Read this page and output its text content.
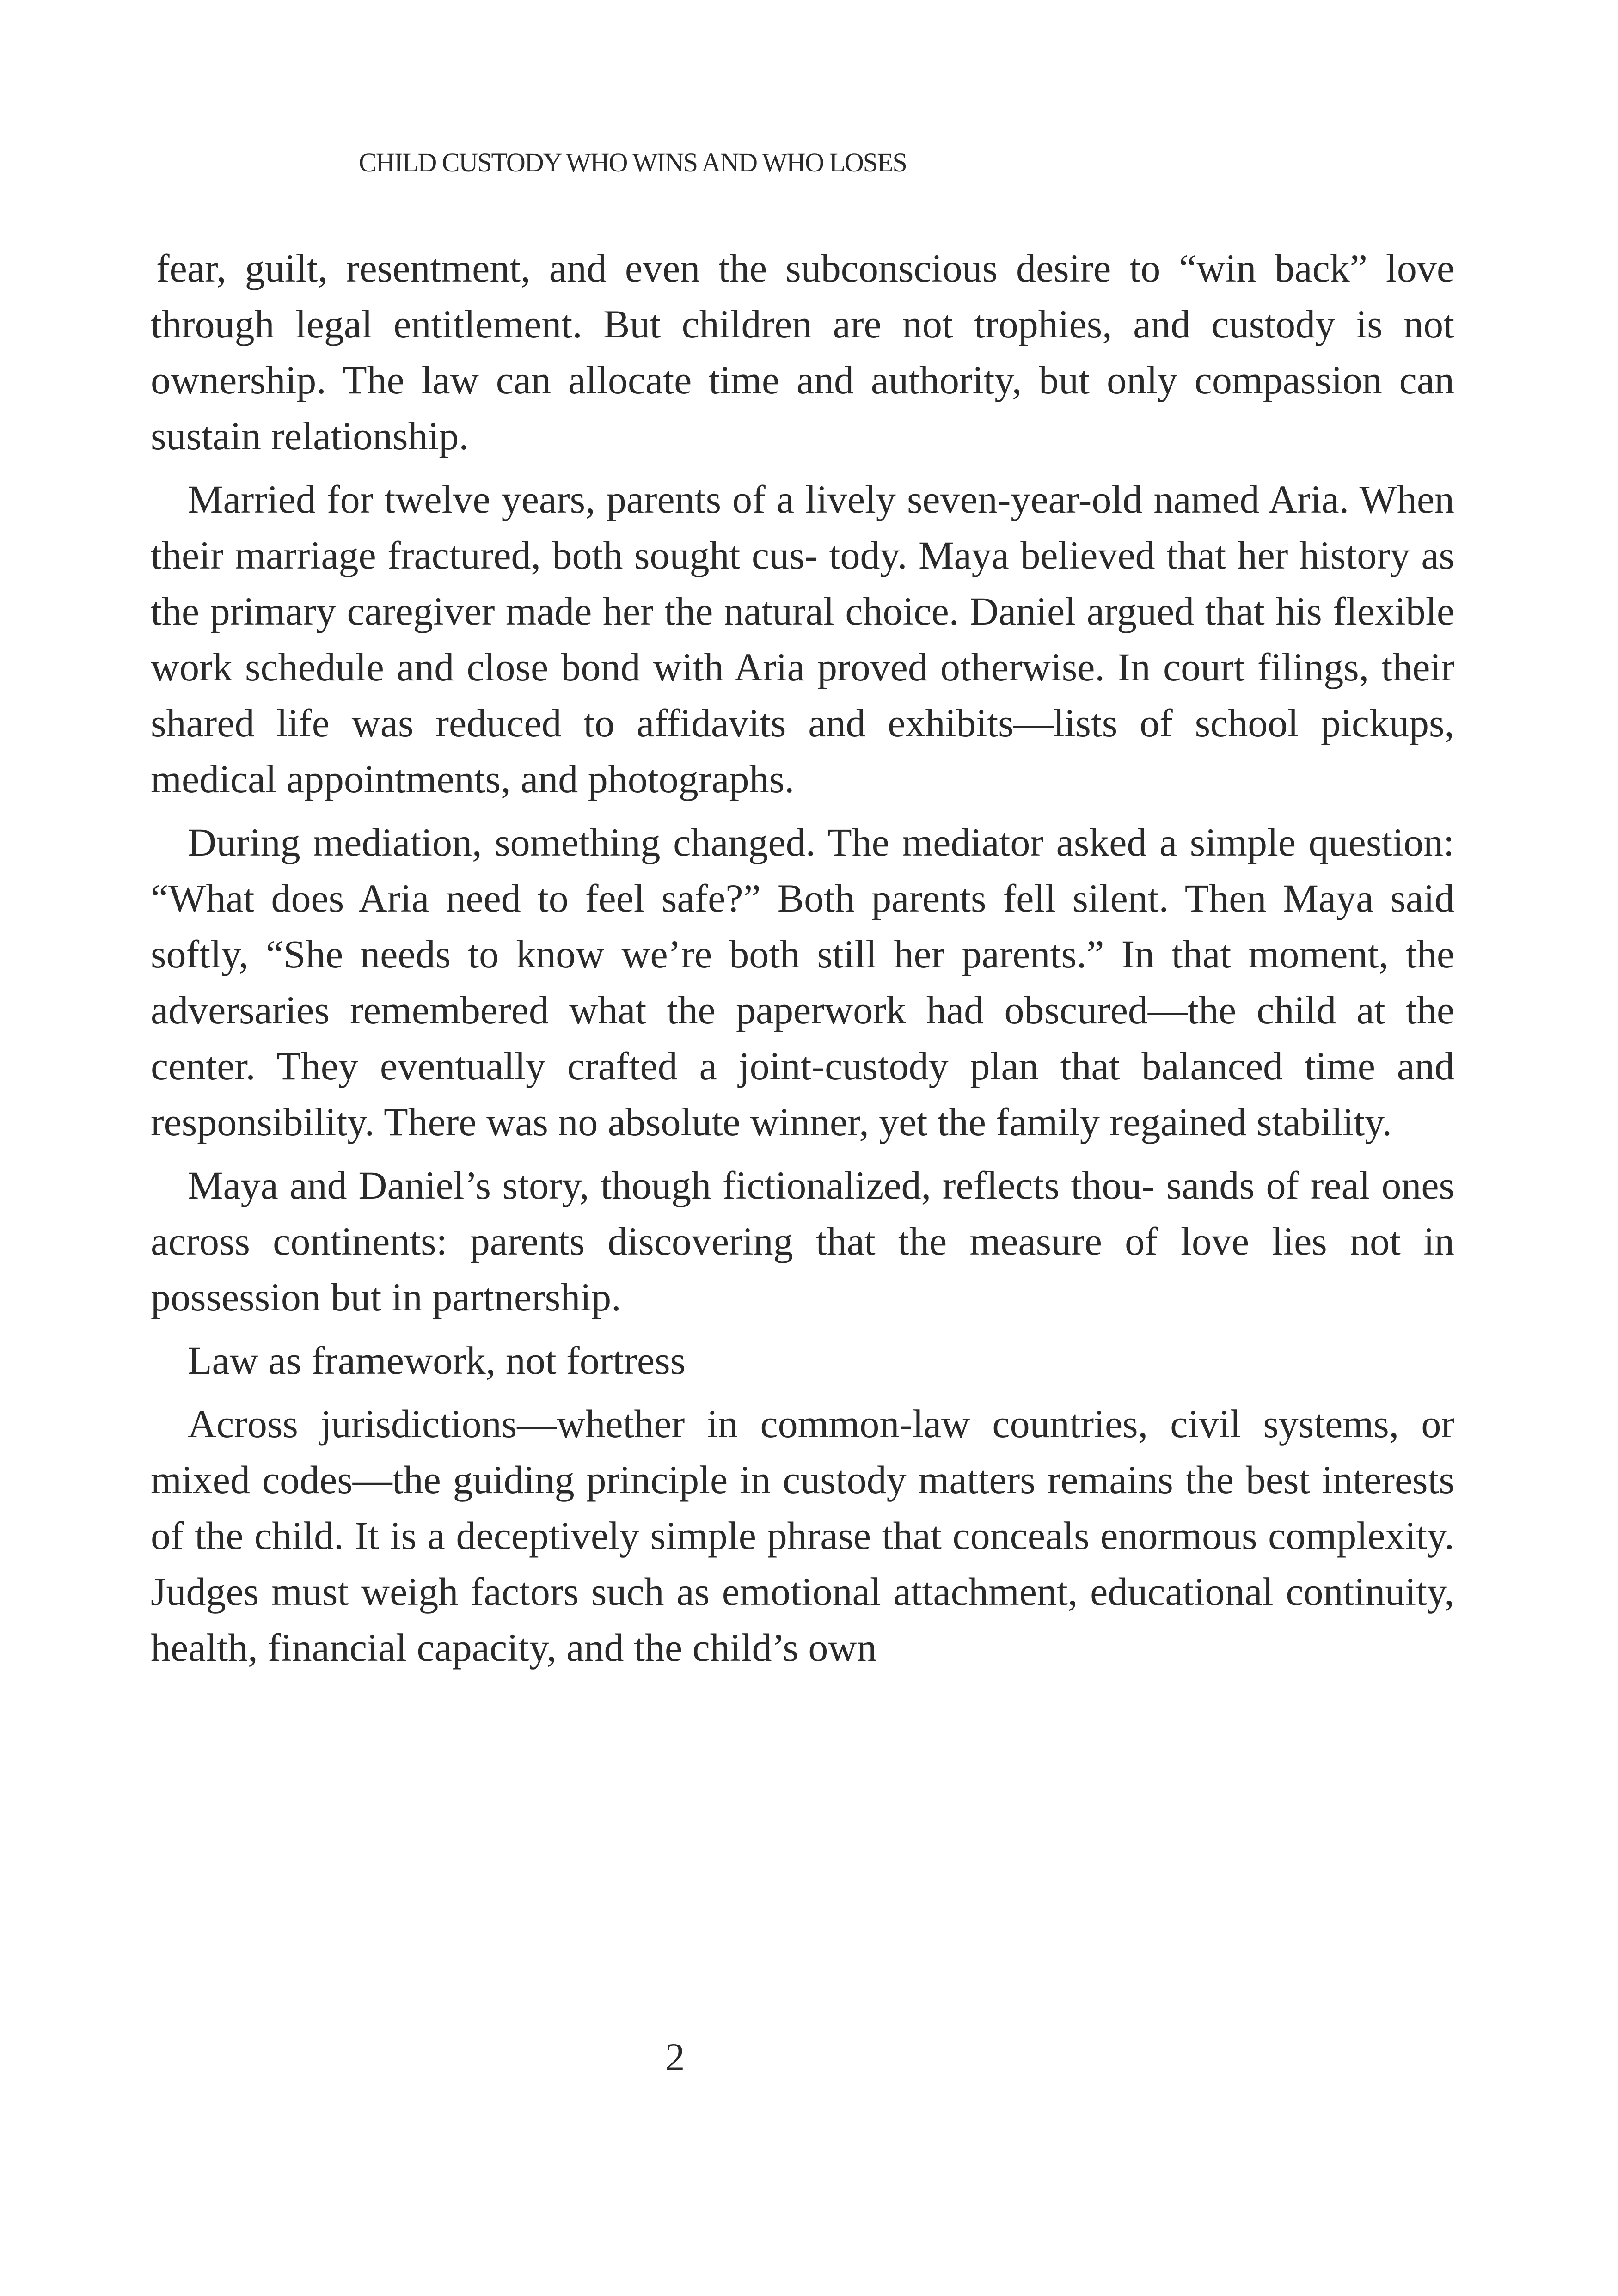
CHILD CUSTODY WHO WINS AND WHO LOSES

fear, guilt, resentment, and even the subconscious desire to “win back” love through legal entitlement. But children are not trophies, and custody is not ownership. The law can allocate time and authority, but only compassion can sustain relationship.

Married for twelve years, parents of a lively seven-year-old named Aria. When their marriage fractured, both sought cus- tody. Maya believed that her history as the primary caregiver made her the natural choice. Daniel argued that his flexible work schedule and close bond with Aria proved otherwise. In court filings, their shared life was reduced to affidavits and exhibits—lists of school pickups, medical appointments, and photographs.

During mediation, something changed. The mediator asked a simple question: “What does Aria need to feel safe?” Both parents fell silent. Then Maya said softly, “She needs to know we’re both still her parents.” In that moment, the adversaries remembered what the paperwork had obscured—the child at the center. They eventually crafted a joint-custody plan that balanced time and responsibility. There was no absolute winner, yet the family regained stability.

Maya and Daniel’s story, though fictionalized, reflects thou- sands of real ones across continents: parents discovering that the measure of love lies not in possession but in partnership.

Law as framework, not fortress

Across jurisdictions—whether in common-law countries, civil systems, or mixed codes—the guiding principle in custody matters remains the best interests of the child. It is a deceptively simple phrase that conceals enormous complexity. Judges must weigh factors such as emotional attachment, educational continuity, health, financial capacity, and the child’s own

2
